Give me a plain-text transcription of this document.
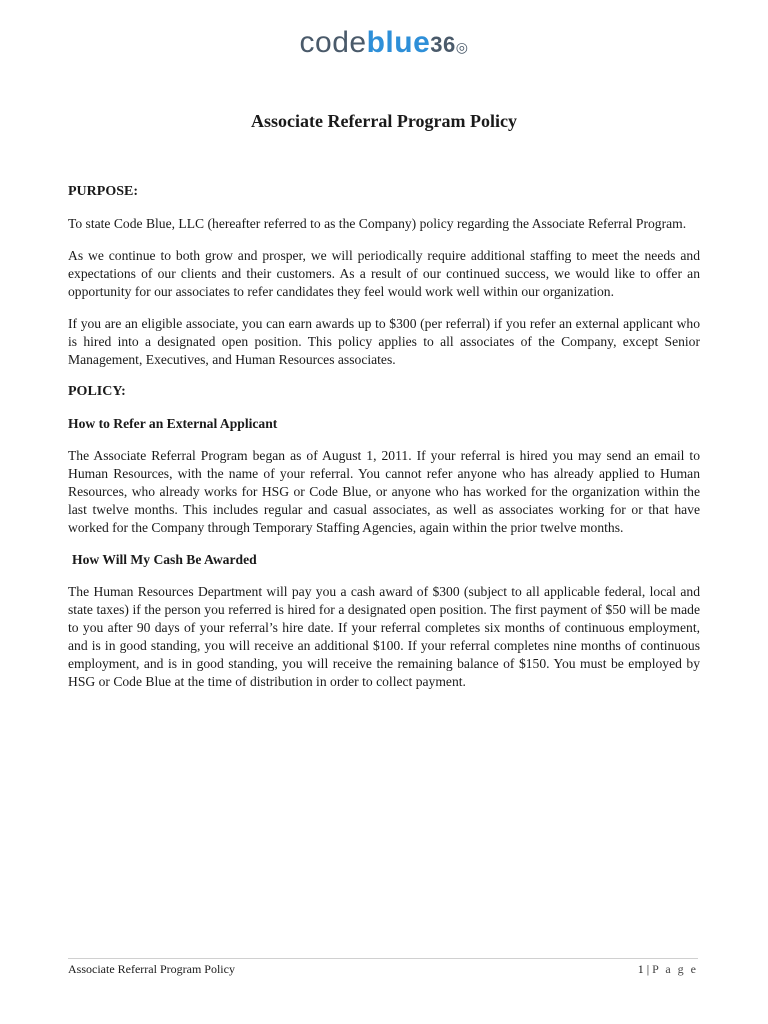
codeblue36◎
Associate Referral Program Policy
PURPOSE:

To state Code Blue, LLC (hereafter referred to as the Company) policy regarding the Associate Referral Program.

As we continue to both grow and prosper, we will periodically require additional staffing to meet the needs and expectations of our clients and their customers. As a result of our continued success, we would like to offer an opportunity for our associates to refer candidates they feel would work well within our organization.

If you are an eligible associate, you can earn awards up to $300 (per referral) if you refer an external applicant who is hired into a designated open position. This policy applies to all associates of the Company, except Senior Management, Executives, and Human Resources associates.

POLICY:
How to Refer an External Applicant

The Associate Referral Program began as of August 1, 2011. If your referral is hired you may send an email to Human Resources, with the name of your referral. You cannot refer anyone who has already applied to Human Resources, who already works for HSG or Code Blue, or anyone who has worked for the organization within the last twelve months. This includes regular and casual associates, as well as associates working for or that have worked for the Company through Temporary Staffing Agencies, again within the prior twelve months.

How Will My Cash Be Awarded

The Human Resources Department will pay you a cash award of $300 (subject to all applicable federal, local and state taxes) if the person you referred is hired for a designated open position. The first payment of $50 will be made to you after 90 days of your referral’s hire date. If your referral completes six months of continuous employment, and is in good standing, you will receive an additional $100. If your referral completes nine months of continuous employment, and is in good standing, you will receive the remaining balance of $150. You must be employed by HSG or Code Blue at the time of distribution in order to collect payment.

Associate Referral Program Policy	1 | P a g e
